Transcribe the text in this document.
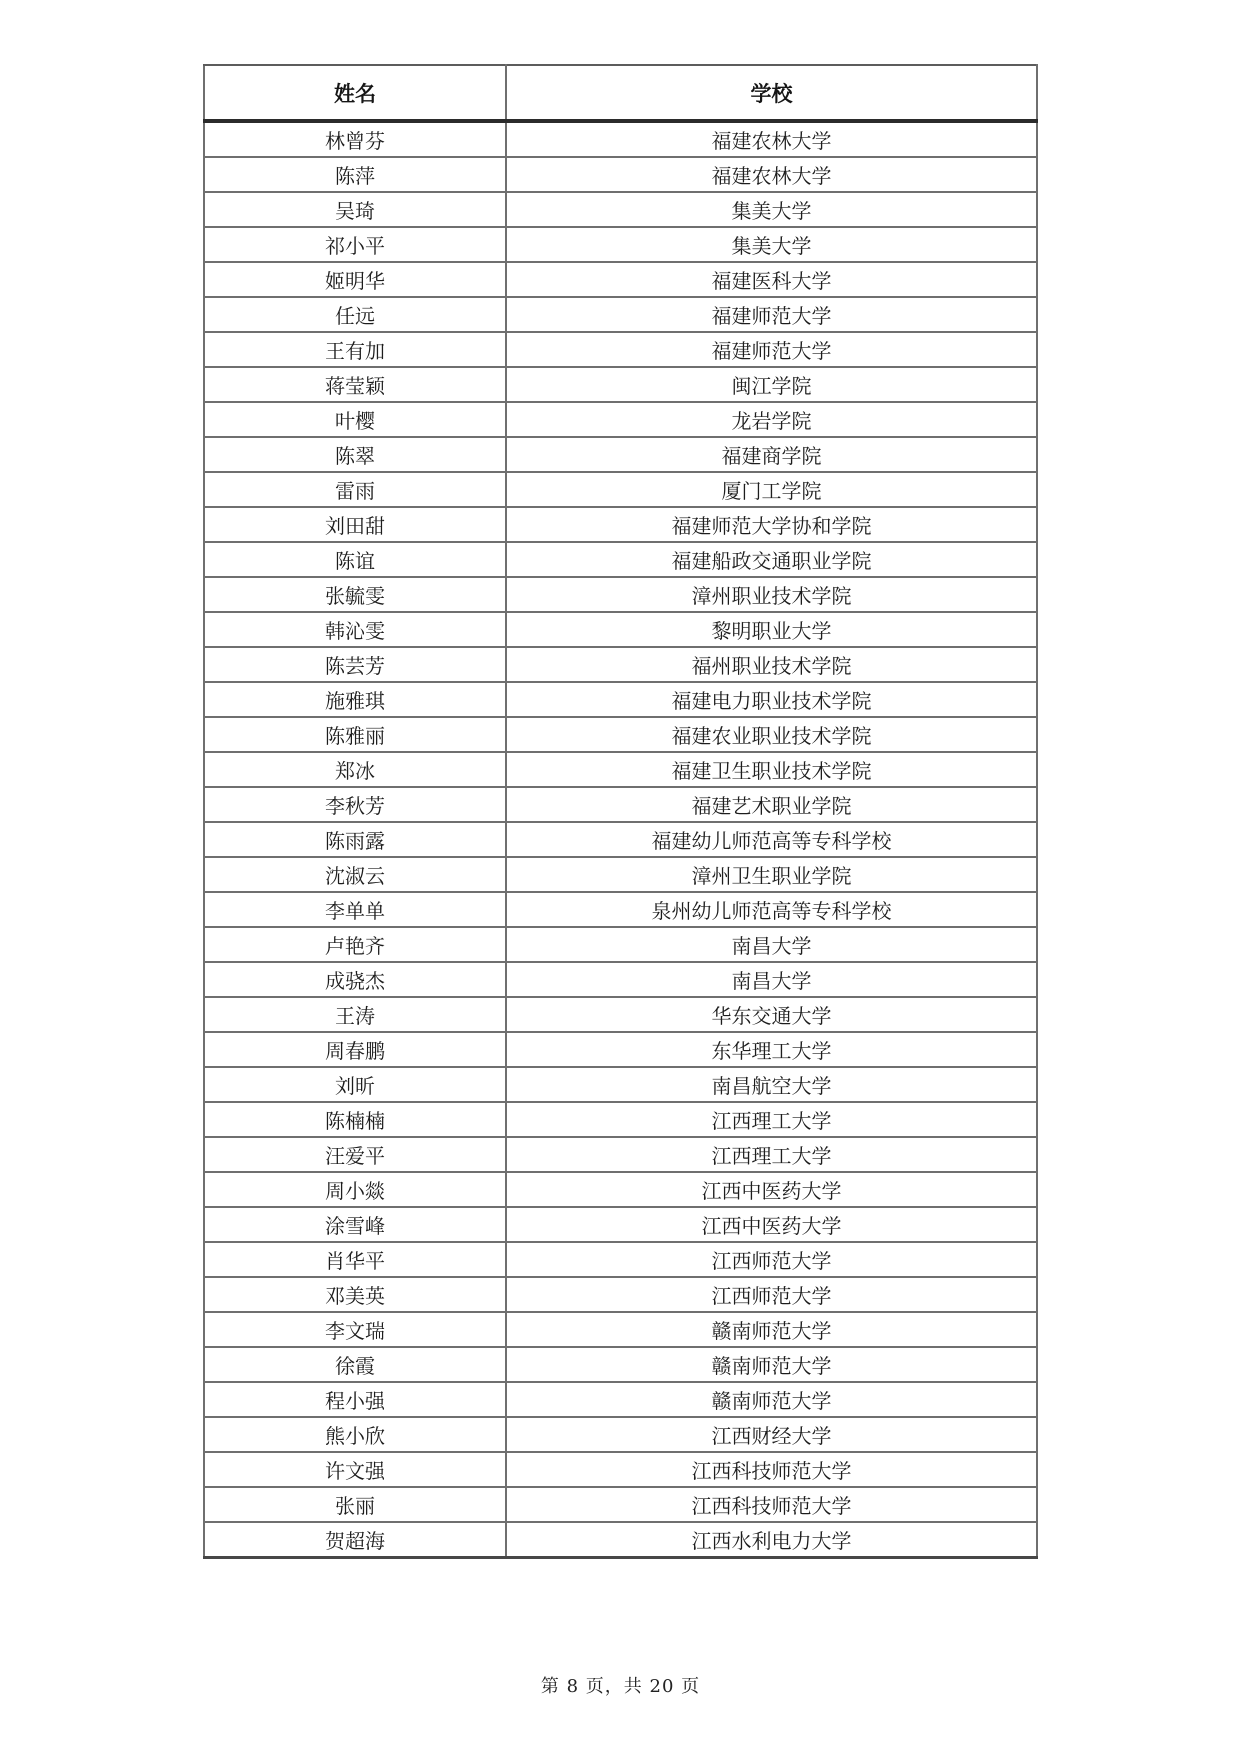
姓名	学校
林曾芬	福建农林大学
陈萍	福建农林大学
吴琦	集美大学
祁小平	集美大学
姬明华	福建医科大学
任远	福建师范大学
王有加	福建师范大学
蒋莹颖	闽江学院
叶樱	龙岩学院
陈翠	福建商学院
雷雨	厦门工学院
刘田甜	福建师范大学协和学院
陈谊	福建船政交通职业学院
张毓雯	漳州职业技术学院
韩沁雯	黎明职业大学
陈芸芳	福州职业技术学院
施雅琪	福建电力职业技术学院
陈雅丽	福建农业职业技术学院
郑冰	福建卫生职业技术学院
李秋芳	福建艺术职业学院
陈雨露	福建幼儿师范高等专科学校
沈淑云	漳州卫生职业学院
李单单	泉州幼儿师范高等专科学校
卢艳齐	南昌大学
成骁杰	南昌大学
王涛	华东交通大学
周春鹏	东华理工大学
刘昕	南昌航空大学
陈楠楠	江西理工大学
汪爱平	江西理工大学
周小燚	江西中医药大学
涂雪峰	江西中医药大学
肖华平	江西师范大学
邓美英	江西师范大学
李文瑞	赣南师范大学
徐霞	赣南师范大学
程小强	赣南师范大学
熊小欣	江西财经大学
许文强	江西科技师范大学
张丽	江西科技师范大学
贺超海	江西水利电力大学
第 8 页，共 20 页
